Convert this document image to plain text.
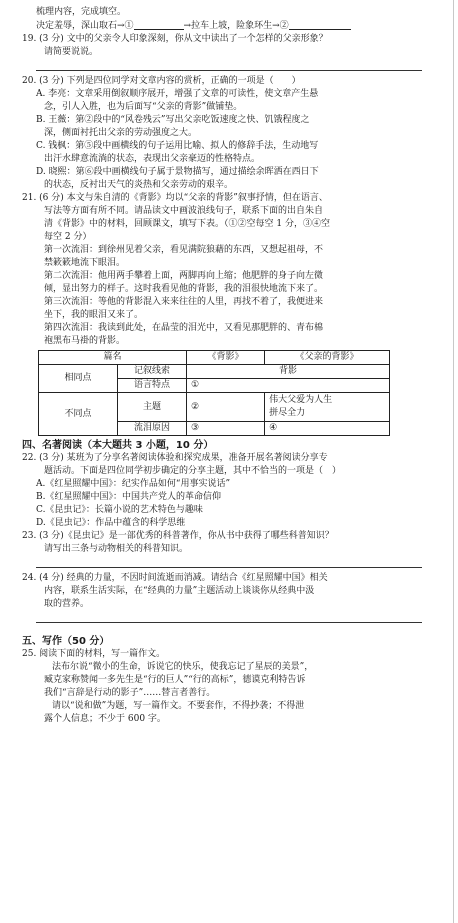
梳理内容，完成填空。

决定羞辱，深山取石→①	→拉车上坡，险象环生→②

19. (3 分) 文中的父亲令人印象深刻，你从文中读出了一个怎样的父亲形象？

请简要说说。

20. (3 分) 下列是四位同学对文章内容的赏析，正确的一项是（　　）

A. 李亮：文章采用倒叙顺序展开，增强了文章的可读性，使文章产生悬

念，引人入胜，也为后面写“父亲的背影”做铺垫。

B. 王薇：第②段中的“风卷残云”写出父亲吃饭速度之快、饥饿程度之

深，侧面衬托出父亲的劳动强度之大。

C. 钱枫：第⑤段中画横线的句子运用比喻、拟人的修辞手法，生动地写

出汗水肆意流淌的状态，表现出父亲豪迈的性格特点。

D. 晓熙：第⑥段中画横线句子属于景物描写，通过描绘余晖洒在西日下

的状态，反衬出天气的炎热和父亲劳动的艰辛。

21. (6 分) 本文与朱自清的《背影》均以“父亲的背影”叙事抒情，但在语言、

写法等方面有所不同。请品读文中画波浪线句子，联系下面的出自朱自

清《背影》中的材料，回顾课文，填写下表。（①②空每空 1 分，③④空

每空 2 分）

第一次流泪：到徐州见着父亲，看见满院狼藉的东西，又想起祖母，不

禁簌簌地流下眼泪。

第二次流泪：他用两手攀着上面，两脚再向上缩；他肥胖的身子向左微

倾，显出努力的样子。这时我看见他的背影，我的泪很快地流下来了。

第三次流泪：等他的背影混入来来往往的人里，再找不着了，我便进来

坐下，我的眼泪又来了。

第四次流泪：我读到此处，在晶莹的泪光中，又看见那肥胖的、青布棉

袍黑布马褂的背影。

篇名		《背影》	《父亲的背影》
相同点	记叙线索	背影	
	语言特点	①	
不同点	主题	②	伟大父爱为人生
拼尽全力

	流泪原因	③	④

四、名著阅读（本大题共 3 小题，10 分）

22. (3 分) 某班为了分享名著阅读体验和探究成果，准备开展名著阅读分享专

题活动。下面是四位同学初步确定的分享主题，其中不恰当的一项是（　）

A.《红星照耀中国》：纪实作品如何“用事实说话”

B.《红星照耀中国》：中国共产党人的革命信仰

C.《昆虫记》：长篇小说的艺术特色与趣味

D.《昆虫记》：作品中蕴含的科学思维

23. (3 分)《昆虫记》是一部优秀的科普著作，你从书中获得了哪些科普知识？

请写出三条与动物相关的科普知识。

24. (4 分) 经典的力量，不因时间流逝而消减。请结合《红星照耀中国》相关

内容，联系生活实际，在“经典的力量”主题活动上谈谈你从经典中汲

取的营养。

五、写作（50 分）

25. 阅读下面的材料，写一篇作文。

法布尔说“微小的生命，诉说它的快乐，使我忘记了星辰的美景”，

臧克家称赞闻一多先生是“行的巨人”“行的高标”，德谟克利特告诉

我们“言辞是行动的影子”……替言者善行。

请以“说和做”为题，写一篇作文。不要套作，不得抄袭；不得泄

露个人信息；不少于 600 字。
